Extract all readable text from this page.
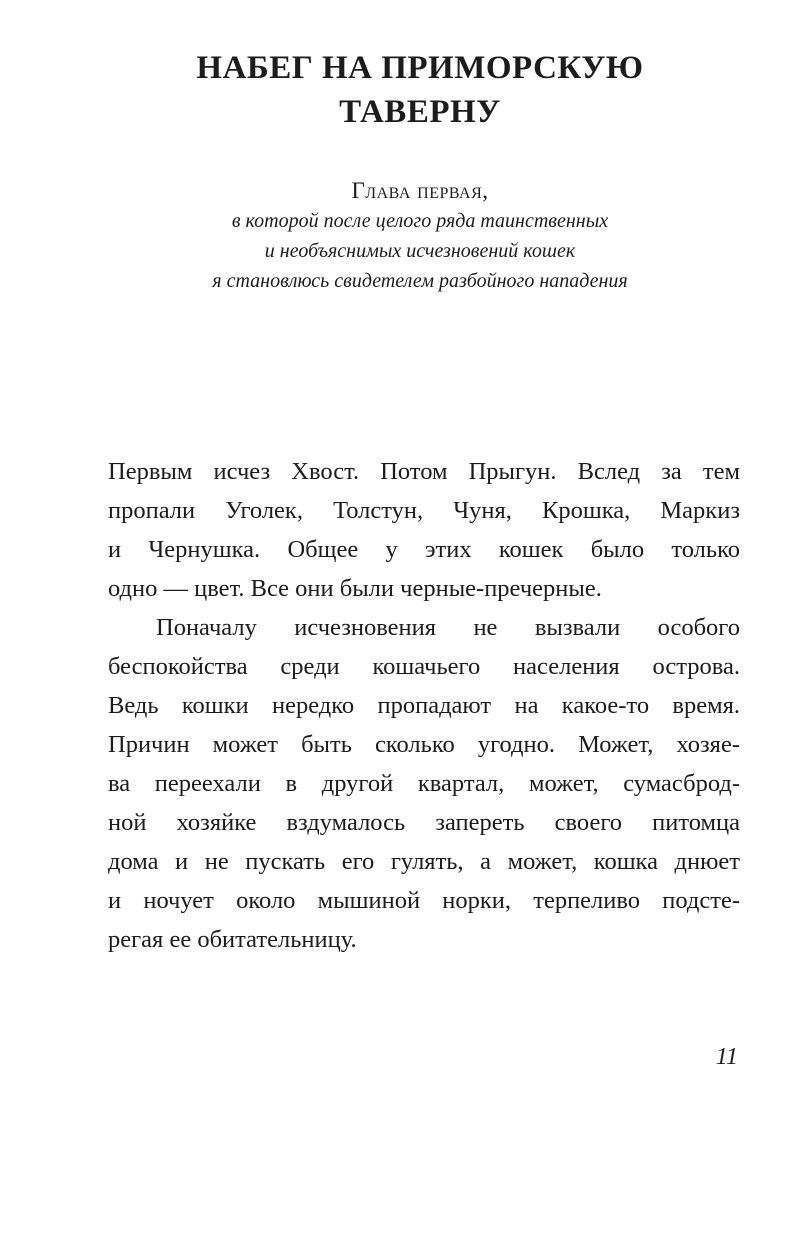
НАБЕГ НА ПРИМОРСКУЮ
ТАВЕРНУ
Глава первая,
в которой после целого ряда таинственных
и необъяснимых исчезновений кошек
я становлюсь свидетелем разбойного нападения
Первым исчез Хвост. Потом Прыгун. Вслед за тем
пропали Уголек, Толстун, Чуня, Крошка, Маркиз
и Чернушка. Общее у этих кошек было только
одно — цвет. Все они были черные-пречерные.
Поначалу исчезновения не вызвали особого
беспокойства среди кошачьего населения острова.
Ведь кошки нередко пропадают на какое-то время.
Причин может быть сколько угодно. Может, хозяе-
ва переехали в другой квартал, может, сумасброд-
ной хозяйке вздумалось запереть своего питомца
дома и не пускать его гулять, а может, кошка днюет
и ночует около мышиной норки, терпеливо подсте-
регая ее обитательницу.
11
